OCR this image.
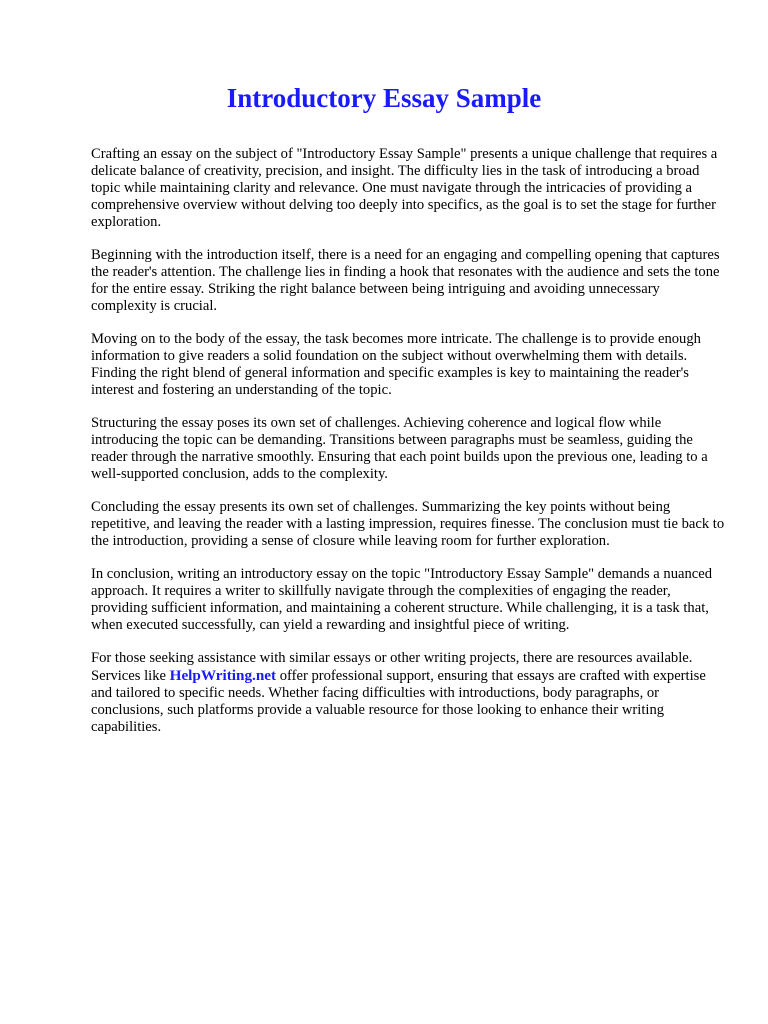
Introductory Essay Sample

Crafting an essay on the subject of "Introductory Essay Sample" presents a unique challenge that requires a delicate balance of creativity, precision, and insight. The difficulty lies in the task of introducing a broad topic while maintaining clarity and relevance. One must navigate through the intricacies of providing a comprehensive overview without delving too deeply into specifics, as the goal is to set the stage for further exploration.

Beginning with the introduction itself, there is a need for an engaging and compelling opening that captures the reader's attention. The challenge lies in finding a hook that resonates with the audience and sets the tone for the entire essay. Striking the right balance between being intriguing and avoiding unnecessary complexity is crucial.

Moving on to the body of the essay, the task becomes more intricate. The challenge is to provide enough information to give readers a solid foundation on the subject without overwhelming them with details. Finding the right blend of general information and specific examples is key to maintaining the reader's interest and fostering an understanding of the topic.

Structuring the essay poses its own set of challenges. Achieving coherence and logical flow while introducing the topic can be demanding. Transitions between paragraphs must be seamless, guiding the reader through the narrative smoothly. Ensuring that each point builds upon the previous one, leading to a well-supported conclusion, adds to the complexity.

Concluding the essay presents its own set of challenges. Summarizing the key points without being repetitive, and leaving the reader with a lasting impression, requires finesse. The conclusion must tie back to the introduction, providing a sense of closure while leaving room for further exploration.

In conclusion, writing an introductory essay on the topic "Introductory Essay Sample" demands a nuanced approach. It requires a writer to skillfully navigate through the complexities of engaging the reader, providing sufficient information, and maintaining a coherent structure. While challenging, it is a task that, when executed successfully, can yield a rewarding and insightful piece of writing.

For those seeking assistance with similar essays or other writing projects, there are resources available. Services like HelpWriting.net offer professional support, ensuring that essays are crafted with expertise and tailored to specific needs. Whether facing difficulties with introductions, body paragraphs, or conclusions, such platforms provide a valuable resource for those looking to enhance their writing capabilities.
